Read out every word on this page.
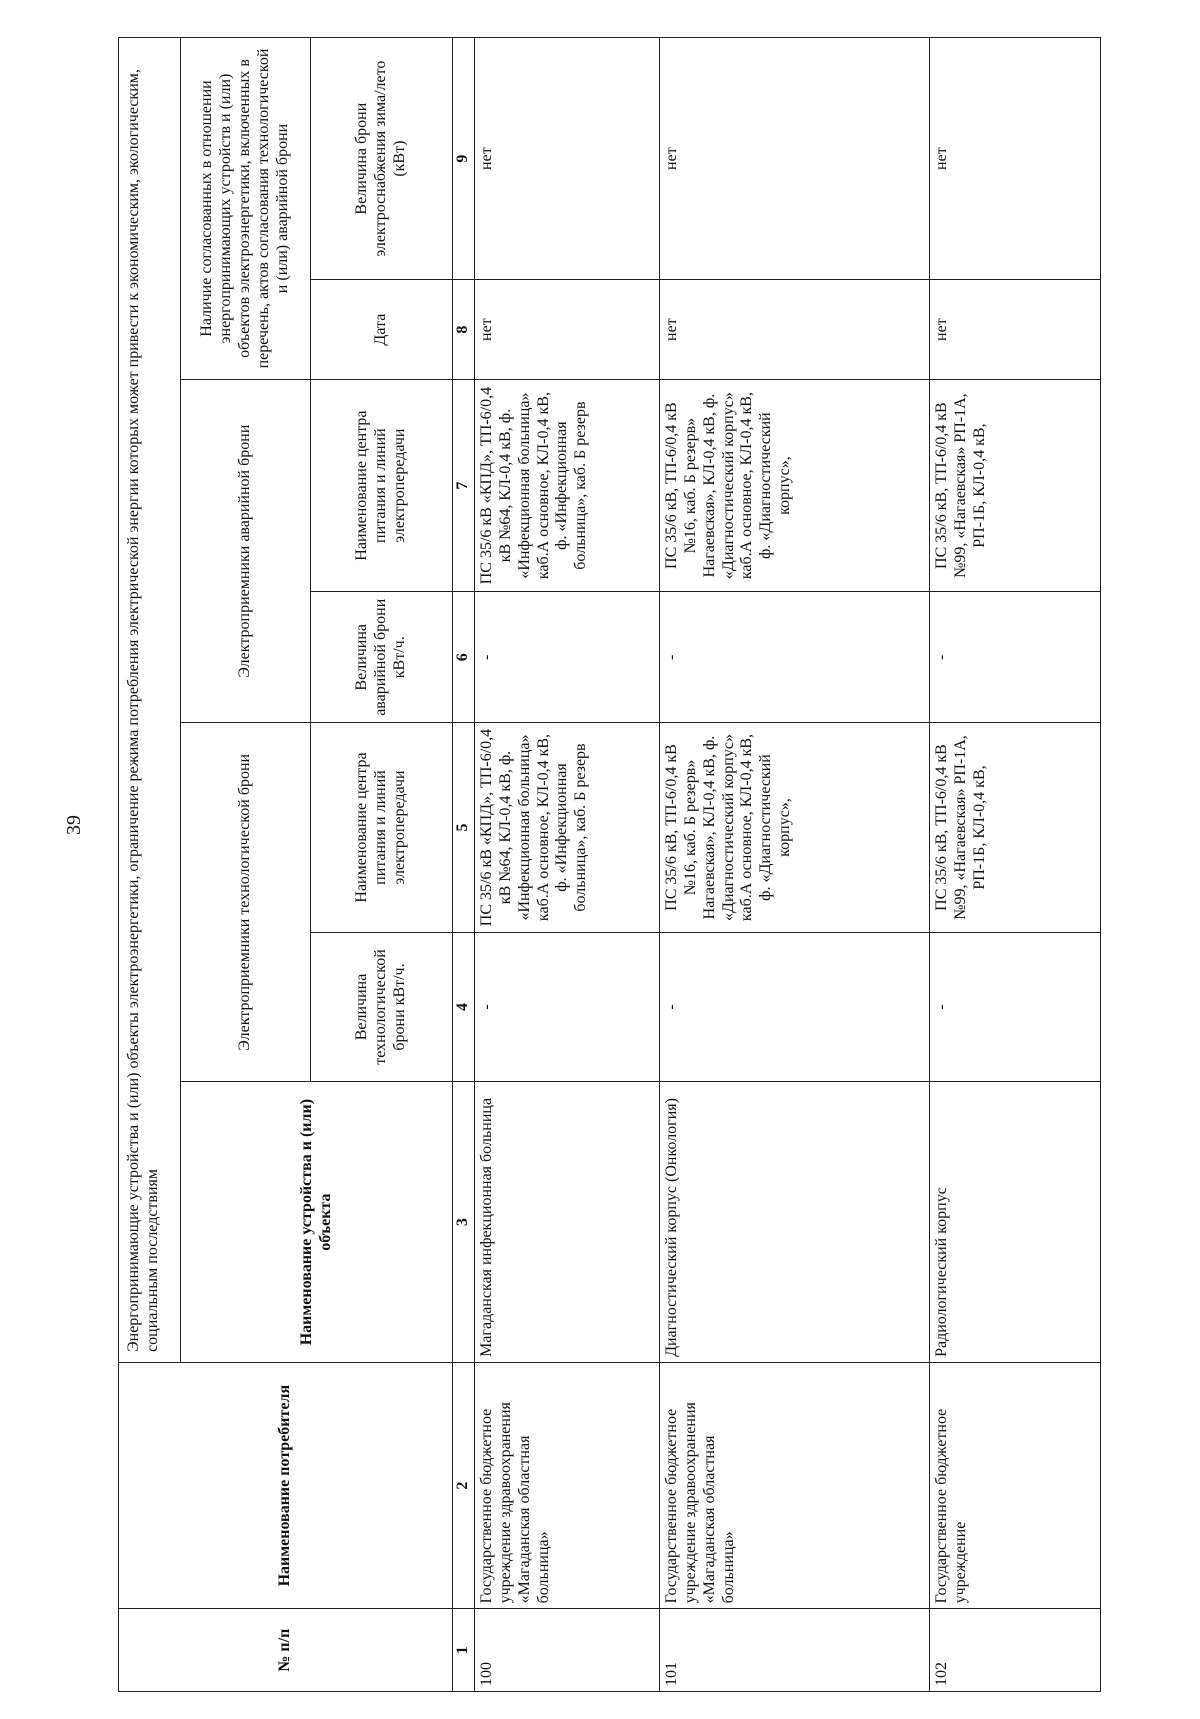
39
№ п/п	Наименование потребителя	Энергопринимающие устройства и (или) объекты электроэнергетики, ограничение режима потребления электрической энергии которых может привести к экономическим, экологическим, социальным последствиям						
		Наименование устройства и (или) объекта	Электроприемники технологической брони		Электроприемники аварийной брони		Наличие согласованных в отношении энергопринимающих устройств и (или) объектов электроэнергетики, включенных в перечень, актов согласования технологической и (или) аварийной брони	
			Величина технологической брони кВт/ч.	Наименование центра питания и линий электропередачи	Величина аварийной брони кВт/ч.	Наименование центра питания и линий электропередачи	Дата	Величина брони электроснабжения зима/лето (кВт)
1	2	3	4	5	6	7	8	9
100	Государственное бюджетное учреждение здравоохранения «Магаданская областная больница»	Магаданская инфекционная больница	-	ПС 35/6 кВ «КПД», ТП-6/0,4 кВ №64, КЛ-0,4 кВ, ф. «Инфекционная больница» каб.А основное, КЛ-0,4 кВ, ф. «Инфекционная больница», каб. Б резерв	-	ПС 35/6 кВ «КПД», ТП-6/0,4 кВ №64, КЛ-0,4 кВ, ф. «Инфекционная больница» каб.А основное, КЛ-0,4 кВ, ф. «Инфекционная больница», каб. Б резерв	нет	нет
101	Государственное бюджетное учреждение здравоохранения «Магаданская областная больница»	Диагностический корпус (Онкология)	-	ПС 35/6 кВ, ТП-6/0,4 кВ №16, каб. Б резерв» Нагаевская», КЛ-0,4 кВ, ф. «Диагностический корпус» каб.А основное, КЛ-0,4 кВ, ф. «Диагностический корпус»,	-	ПС 35/6 кВ, ТП-6/0,4 кВ №16, каб. Б резерв» Нагаевская», КЛ-0,4 кВ, ф. «Диагностический корпус» каб.А основное, КЛ-0,4 кВ, ф. «Диагностический корпус»,	нет	нет
102	Государственное бюджетное учреждение	Радиологический корпус	-	ПС 35/6 кВ, ТП-6/0,4 кВ №99, «Нагаевская» РП-1А, РП-1Б, КЛ-0,4 кВ,	-	ПС 35/6 кВ, ТП-6/0,4 кВ №99, «Нагаевская» РП-1А, РП-1Б, КЛ-0,4 кВ,	нет	нет
